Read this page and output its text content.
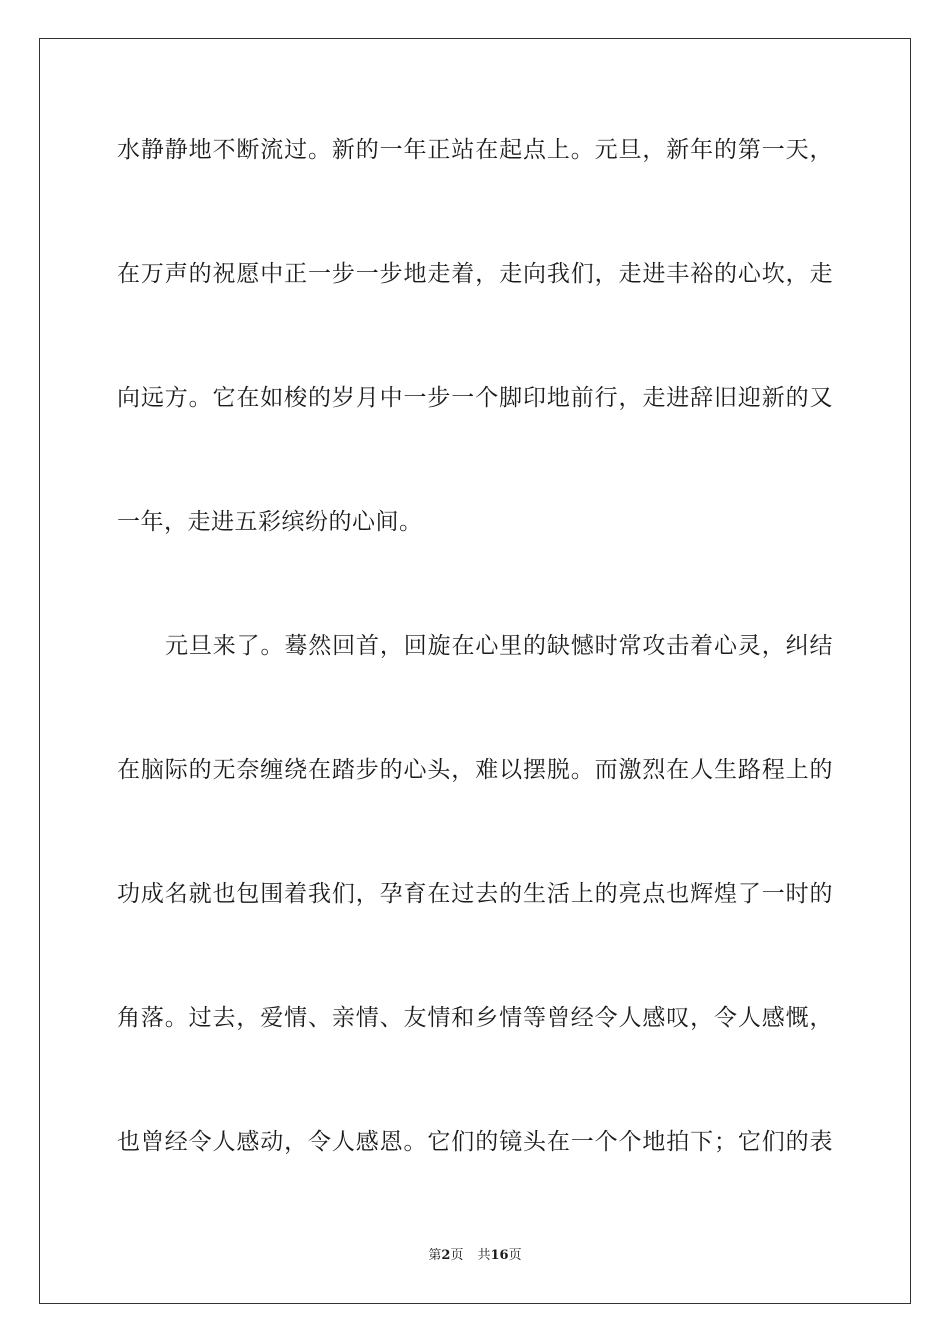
水静静地不断流过。新的一年正站在起点上。元旦，新年的第一天，
在万声的祝愿中正一步一步地走着，走向我们，走进丰裕的心坎，走
向远方。它在如梭的岁月中一步一个脚印地前行，走进辞旧迎新的又
一年，走进五彩缤纷的心间。
元旦来了。蓦然回首，回旋在心里的缺憾时常攻击着心灵，纠结
在脑际的无奈缠绕在踏步的心头，难以摆脱。而激烈在人生路程上的
功成名就也包围着我们，孕育在过去的生活上的亮点也辉煌了一时的
角落。过去，爱情、亲情、友情和乡情等曾经令人感叹，令人感慨，
也曾经令人感动，令人感恩。它们的镜头在一个个地拍下；它们的表
第2页 共16页
